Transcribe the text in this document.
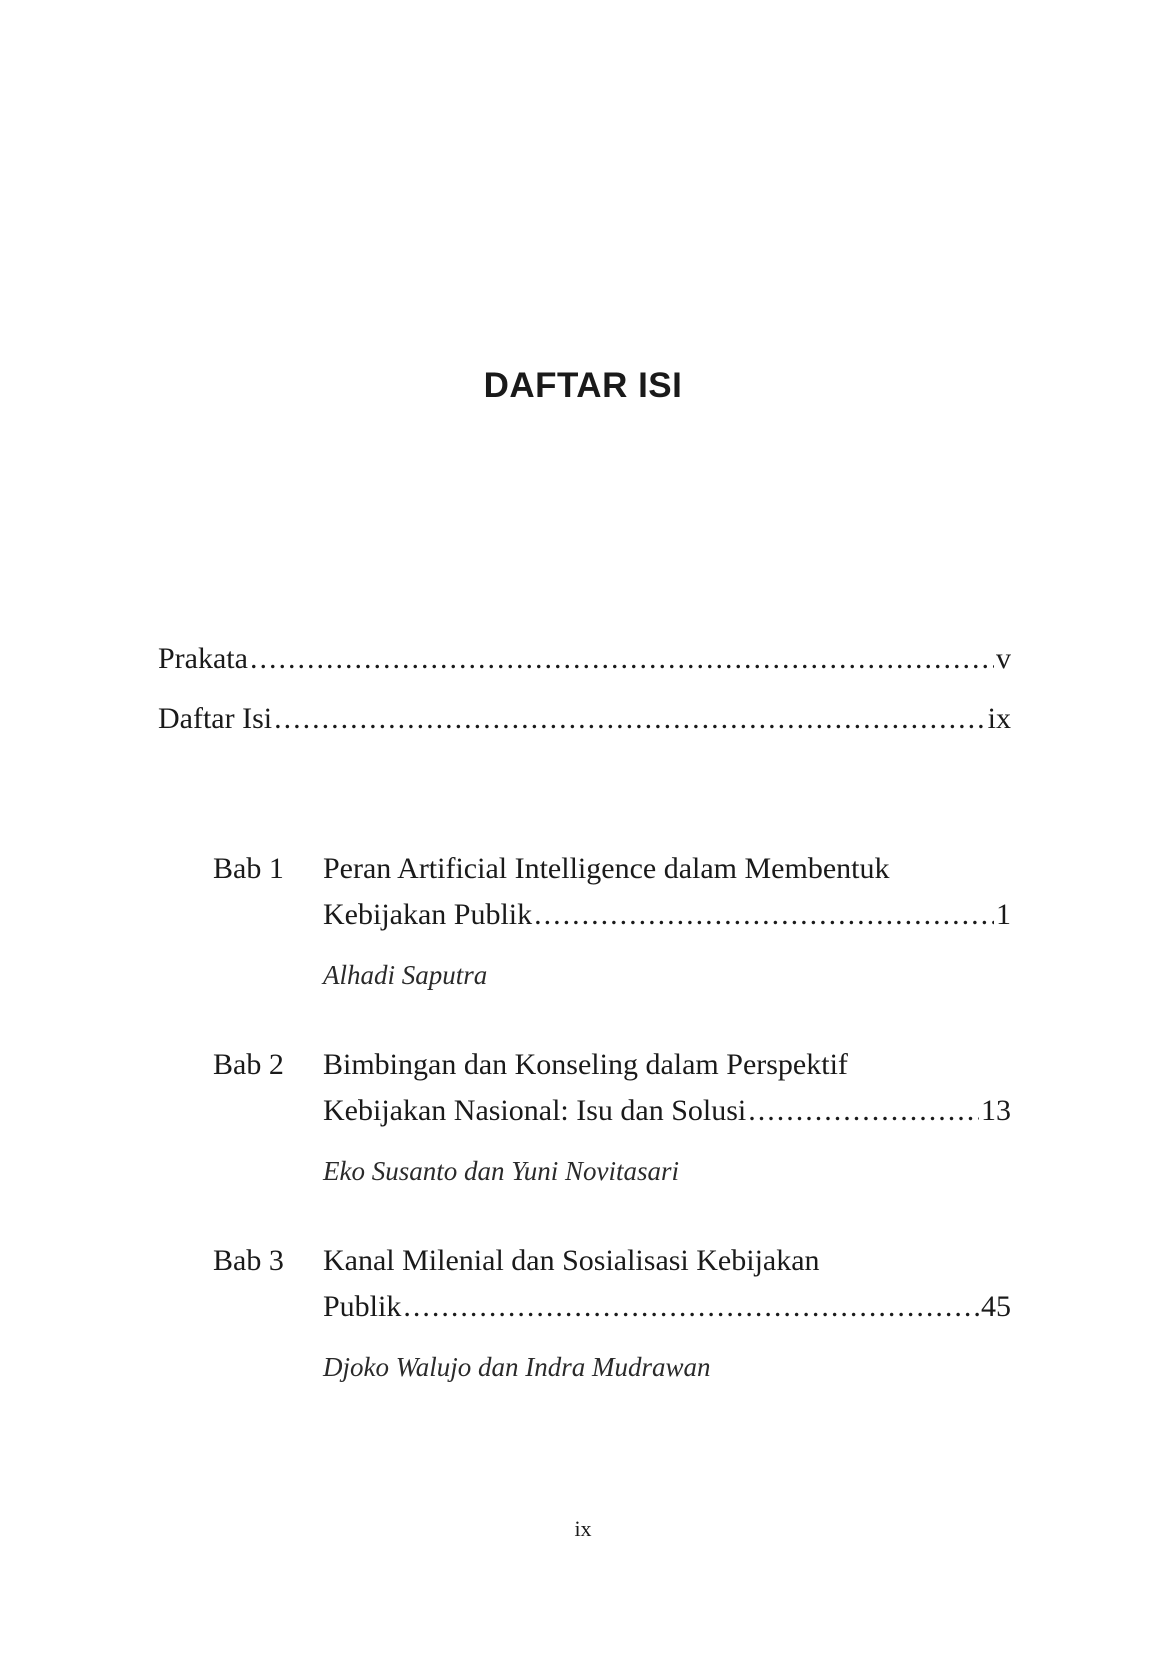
DAFTAR ISI
Prakata .....	v
Daftar Isi .....	ix
Bab 1 Peran Artificial Intelligence dalam Membentuk
Kebijakan Publik .....	1
Alhadi Saputra
Bab 2 Bimbingan dan Konseling dalam Perspektif
Kebijakan Nasional: Isu dan Solusi .....	13
Eko Susanto dan Yuni Novitasari
Bab 3 Kanal Milenial dan Sosialisasi Kebijakan
Publik .....	45
Djoko Walujo dan Indra Mudrawan
ix
